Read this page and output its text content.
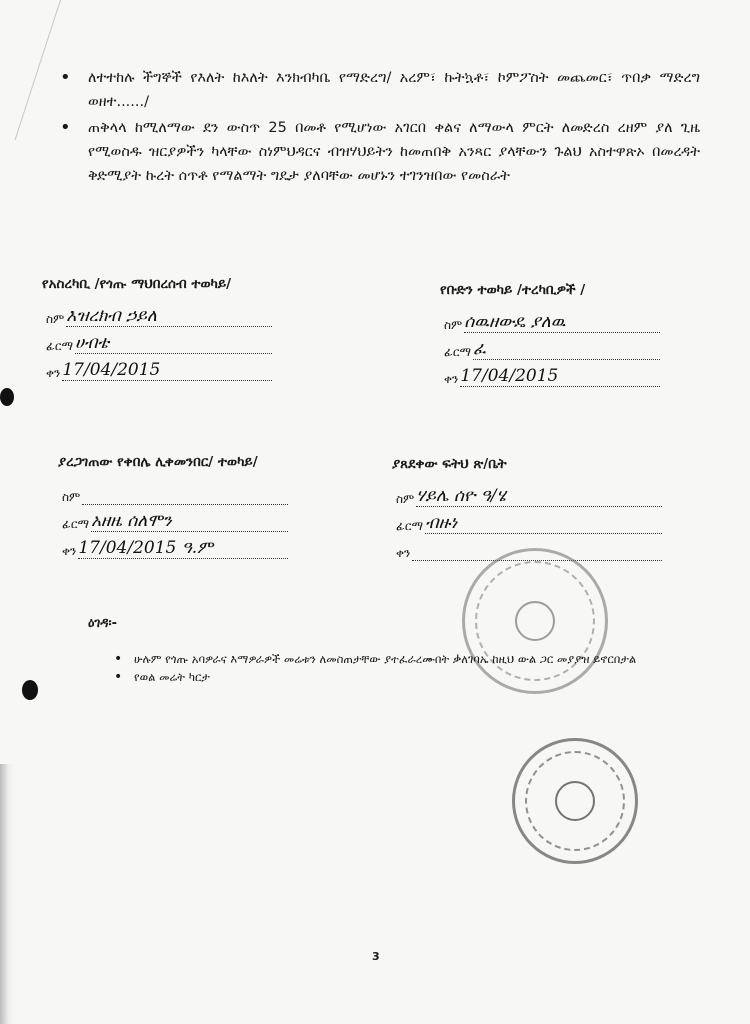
• ለተተከሉ ችግኞች የእለት ከእለት እንክብካቤ የማድረግ/ አረም፣ ኩትኳቶ፣ ኮምፖስት መጨመር፣ ጥበቃ ማድረግ ወዘተ....../
• ጠቅላላ ከሚለማው ደን ውስጥ 25 በመቶ የሚሆነው አገርበ ቀልና ለማውላ ምርት ለመድረስ ረዘም ያለ ጊዜ የሚወስዱ ዝርያዎችን ካላቸው ስነምህዳርና ብዝሃህይትን ከመጠበቅ አንጻር ያላቸውን ጉልህ አስተዋጽኦ በመረዳት ቅድሚያት ኩረት ሰጥቶ የማልማት ግዴታ ያለባቸው መሆኑን ተገንዝበው የመስራት
የአስረካቢ /የጎጡ ማህበረሰብ ተወካይ/
ስም እዝረክብ ኃይለ
ፊርማ ሀብቴ
ቀን 17/04/2015
የቡድን ተወካይ /ተረካቢዎች /
ስም ሰዉዘውዴ ያለዉ
ፊርማ ፈ
ቀን 17/04/2015
ያረጋገጠው የቀበሌ ሊቀመንበር/ ተወካይ/
ስም
ፊርማ አዘዜ ሰለሞን
ቀን 17/04/2015 ዓ.ም
ያጸደቀው ፍትህ ጽ/ቤት
ስም ሃይሌ ሰዮ ዓ/ሄ
ፊርማ ብዙነ
ቀን
ዕገዳ፡-
• ሁሉም የጎጡ አባዎራና እማዎራዎች መሬቱን ለመስጠታቸው ያተፈራረሙበት ቃለገባኤ ከዚህ ውል ጋር መያያዝ ይኖርበታል
• የወል መሬት ካርታ
3
